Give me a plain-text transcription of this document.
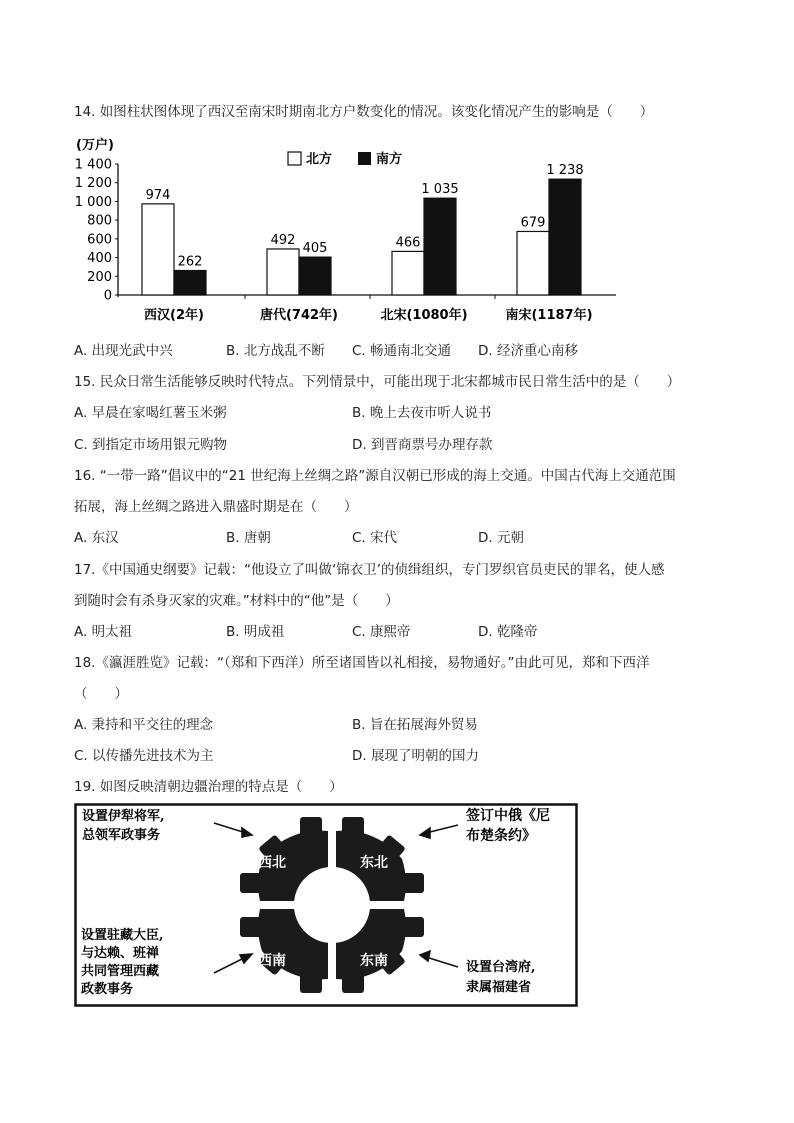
14. 如图柱状图体现了西汉至南宋时期南北方户数变化的情况。该变化情况产生的影响是（　　）
(万户)
0
200
400
600
800
1 000
1 200
1 400	北方	南方
974
262
492
405	466
1 035
679
1 238
西汉(2年)	唐代(742年)	北宋(1080年)	南宋(1187年)
A. 出现光武中兴	B. 北方战乱不断 C. 畅通南北交通 D. 经济重心南移
15. 民众日常生活能够反映时代特点。下列情景中，可能出现于北宋都城市民日常生活中的是（　　）
A. 早晨在家喝红薯玉米粥	B. 晚上去夜市听人说书
C. 到指定市场用银元购物	D. 到晋商票号办理存款
16. “一带一路”倡议中的“21 世纪海上丝绸之路”源自汉朝已形成的海上交通。中国古代海上交通范围
拓展，海上丝绸之路进入鼎盛时期是在（　　）
A. 东汉	B. 唐朝	C. 宋代	D. 元朝
17.《中国通史纲要》记载：“他设立了叫做‘锦衣卫’的侦缉组织，专门罗织官员吏民的罪名，使人感
到随时会有杀身灭家的灾难。”材料中的“他”是（　　）
A. 明太祖	B. 明成祖	C. 康熙帝	D. 乾隆帝
18.《瀛涯胜览》记载：“（郑和下西洋）所至诸国皆以礼相接，易物通好。”由此可见，郑和下西洋
（　　）
A. 秉持和平交往的理念	B. 旨在拓展海外贸易
C. 以传播先进技术为主	D. 展现了明朝的国力
19. 如图反映清朝边疆治理的特点是（　　）
西北	东北
西南	东南
设置伊犁将军,
总领军政事务
签订中俄《尼
布楚条约》
设置驻藏大臣,
与达赖、班禅
共同管理西藏
政教事务
设置台湾府,
隶属福建省
